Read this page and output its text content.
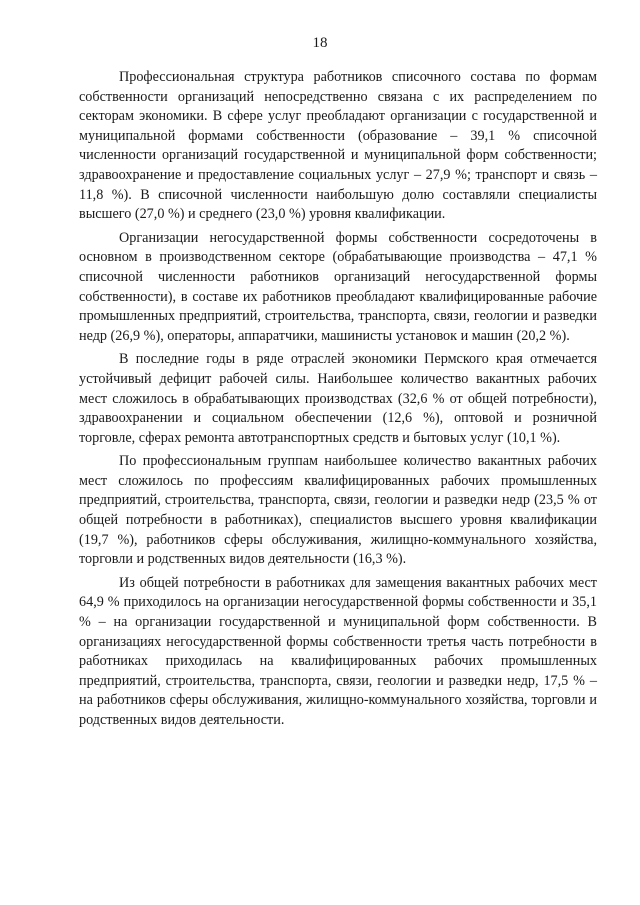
18

Профессиональная структура работников списочного состава по формам собственности организаций непосредственно связана с их распределением по секторам экономики. В сфере услуг преобладают организации с государственной и муниципальной формами собственности (образование – 39,1 % списочной численности организаций государственной и муниципальной форм собственности; здравоохранение и предоставление социальных услуг – 27,9 %; транспорт и связь – 11,8 %). В списочной численности наибольшую долю составляли специалисты высшего (27,0 %) и среднего (23,0 %) уровня квалификации.

Организации негосударственной формы собственности сосредоточены в основном в производственном секторе (обрабатывающие производства – 47,1 % списочной численности работников организаций негосударственной формы собственности), в составе их работников преобладают квалифицированные рабочие промышленных предприятий, строительства, транспорта, связи, геологии и разведки недр (26,9 %), операторы, аппаратчики, машинисты установок и машин (20,2 %).

В последние годы в ряде отраслей экономики Пермского края отмечается устойчивый дефицит рабочей силы. Наибольшее количество вакантных рабочих мест сложилось в обрабатывающих производствах (32,6 % от общей потребности), здравоохранении и социальном обеспечении (12,6 %), оптовой и розничной торговле, сферах ремонта автотранспортных средств и бытовых услуг (10,1 %).

По профессиональным группам наибольшее количество вакантных рабочих мест сложилось по профессиям квалифицированных рабочих промышленных предприятий, строительства, транспорта, связи, геологии и разведки недр (23,5 % от общей потребности в работниках), специалистов высшего уровня квалификации (19,7 %), работников сферы обслуживания, жилищно-коммунального хозяйства, торговли и родственных видов деятельности (16,3 %).

Из общей потребности в работниках для замещения вакантных рабочих мест 64,9 % приходилось на организации негосударственной формы собственности и 35,1 % – на организации государственной и муниципальной форм собственности. В организациях негосударственной формы собственности третья часть потребности в работниках приходилась на квалифицированных рабочих промышленных предприятий, строительства, транспорта, связи, геологии и разведки недр, 17,5 % – на работников сферы обслуживания, жилищно-коммунального хозяйства, торговли и родственных видов деятельности.
